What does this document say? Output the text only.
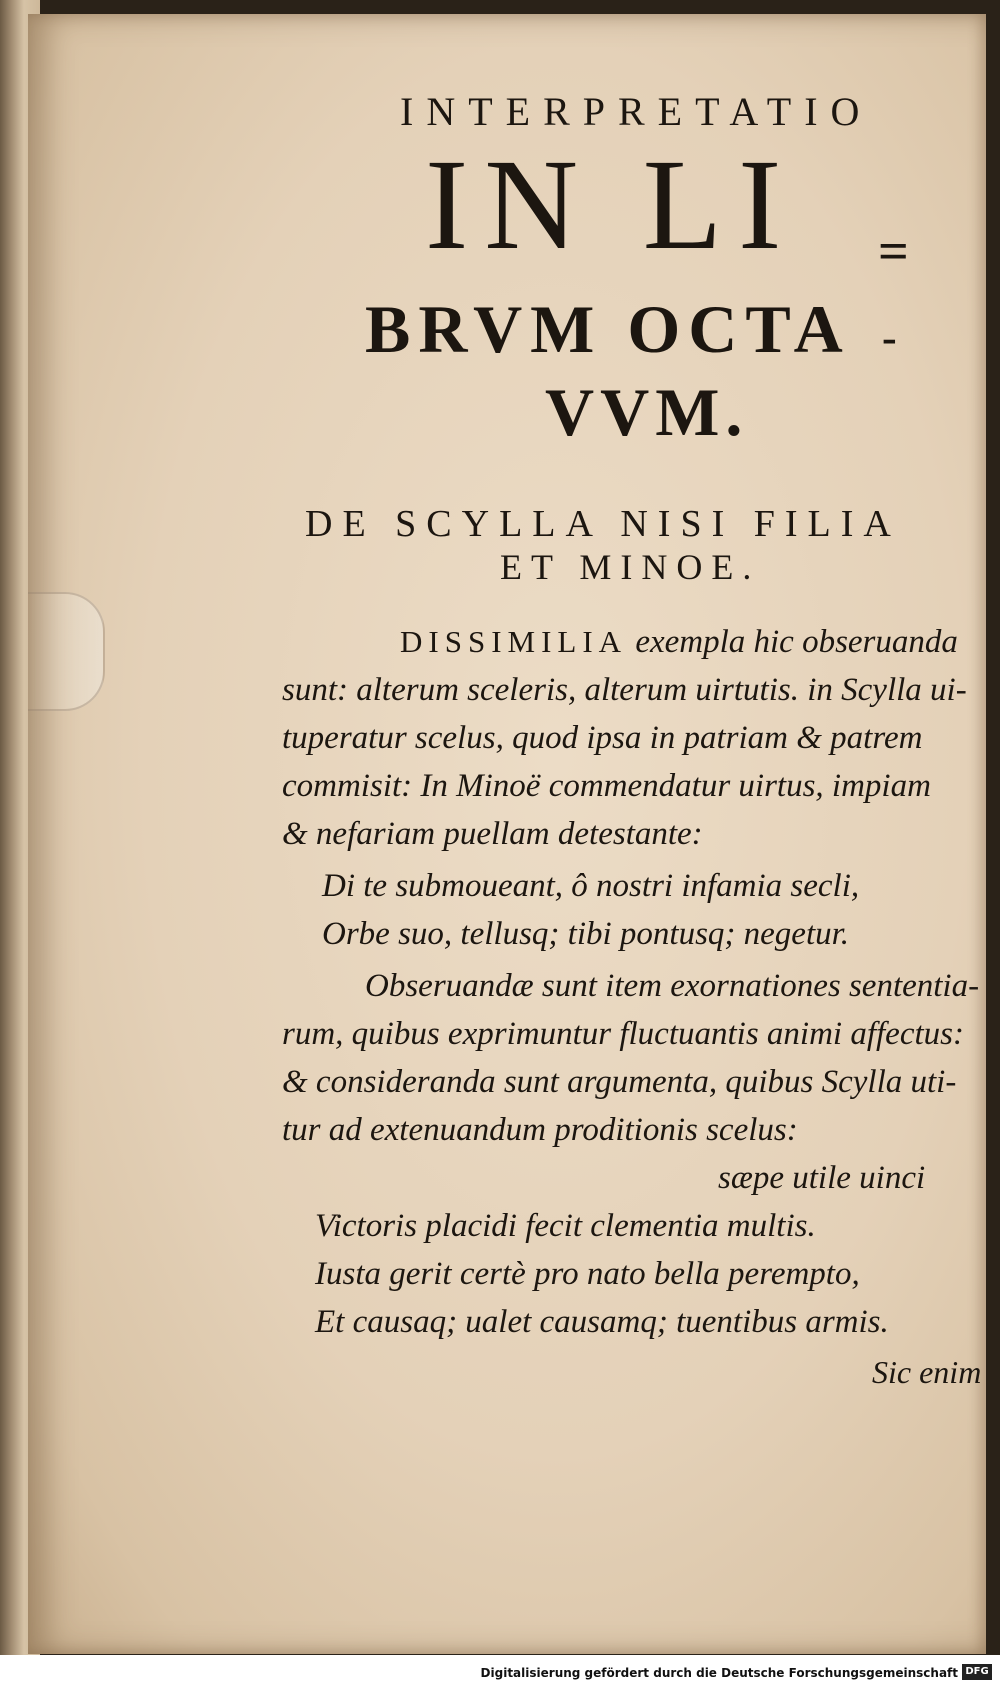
INTERPRETATIO
IN LI =
BRVM OCTA -
VVM.
DE SCYLLA NISI FILIA
ET MINOE.
DISSIMILIA exempla hic obseruanda
sunt: alterum sceleris, alterum uirtutis. in Scylla ui-
tuperatur scelus, quod ipsa in patriam & patrem
commisit: In Minoë commendatur uirtus, impiam
& nefariam puellam detestante:
Di te submoueant, ô nostri infamia secli,
Orbe suo, tellusq; tibi pontusq; negetur.
Obseruandæ sunt item exornationes sententia-
rum, quibus exprimuntur fluctuantis animi affectus:
& consideranda sunt argumenta, quibus Scylla uti-
tur ad extenuandum proditionis scelus:
sæpe utile uinci
Victoris placidi fecit clementia multis.
Iusta gerit certè pro nato bella perempto,
Et causaq; ualet causamq; tuentibus armis.
Sic enim
Digitalisierung gefördert durch die Deutsche Forschungsgemeinschaft DFG
